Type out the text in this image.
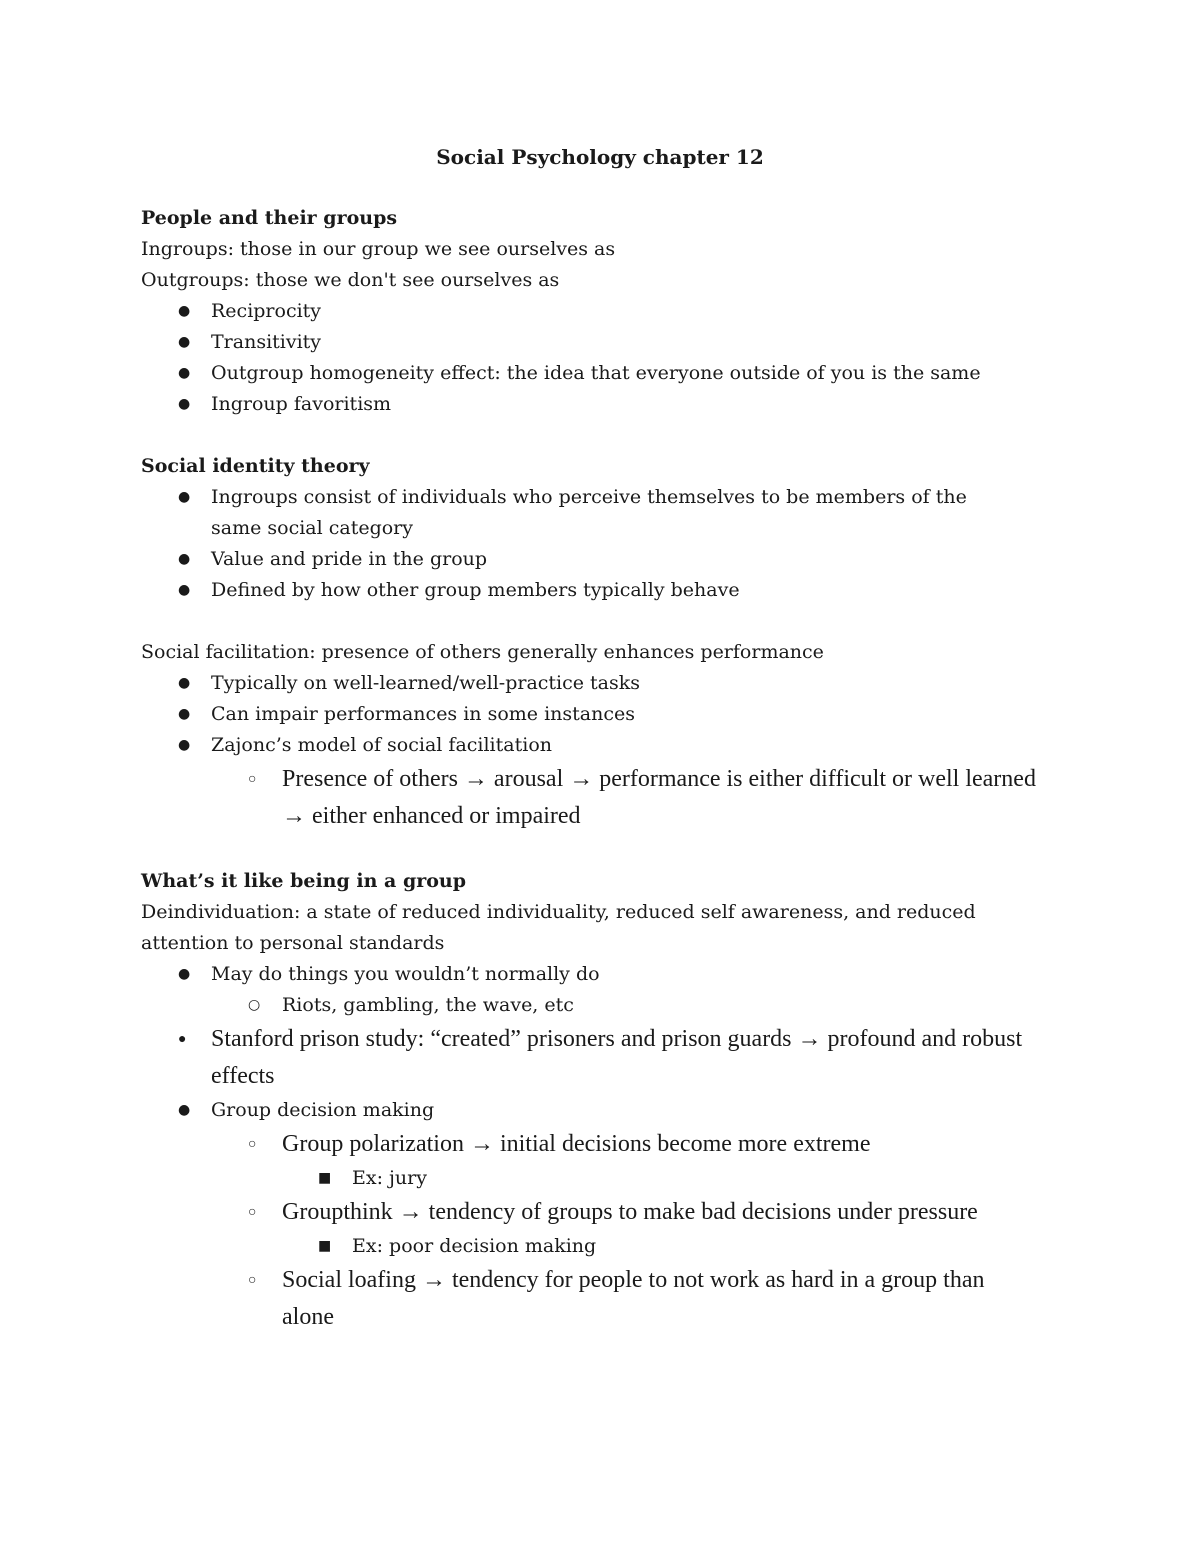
Social Psychology chapter 12
People and their groups
Ingroups: those in our group we see ourselves as
Outgroups: those we don't see ourselves as
● Reciprocity
● Transitivity
● Outgroup homogeneity effect: the idea that everyone outside of you is the same
● Ingroup favoritism
Social identity theory
● Ingroups consist of individuals who perceive themselves to be members of the same social category
● Value and pride in the group
● Defined by how other group members typically behave
Social facilitation: presence of others generally enhances performance
● Typically on well-learned/well-practice tasks
● Can impair performances in some instances
● Zajonc’s model of social facilitation
○ Presence of others → arousal → performance is either difficult or well learned → either enhanced or impaired
What’s it like being in a group
Deindividuation: a state of reduced individuality, reduced self awareness, and reduced attention to personal standards
● May do things you wouldn’t normally do
○ Riots, gambling, the wave, etc
● Stanford prison study: “created” prisoners and prison guards → profound and robust effects
● Group decision making
○ Group polarization → initial decisions become more extreme
■ Ex: jury
○ Groupthink → tendency of groups to make bad decisions under pressure
■ Ex: poor decision making
○ Social loafing → tendency for people to not work as hard in a group than alone
